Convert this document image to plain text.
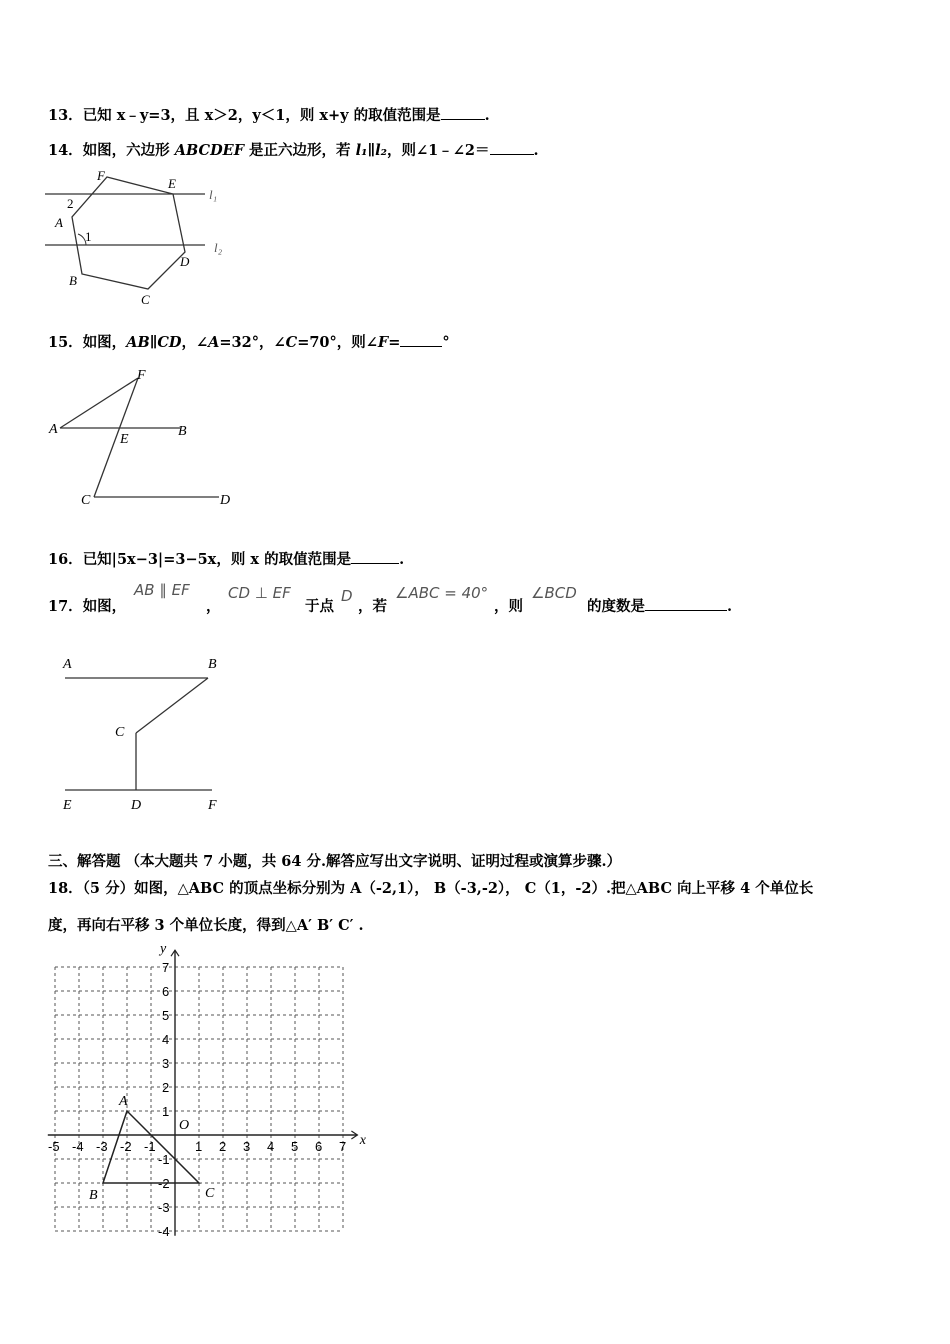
13．已知 x﹣y=3，且 x＞2，y＜1，则 x+y 的取值范围是	.
14．如图，六边形 ABCDEF 是正六边形，若 l₁∥l₂，则∠1﹣∠2＝	.
F
E
A
2
1
D
B
C
l₁
l₂
15．如图，AB∥CD，∠A=32°，∠C=70°，则∠F=	°
F
A
E
B
C	D
16．已知|5x−3|=3−5x，则 x 的取值范围是	.
17．如图，
AB ∥ EF
，
CD ⊥ EF
于点
D
，若
∠ABC = 40°
，则
∠BCD
的度数是	.
A	B
C
E	D	F
三、解答题 （本大题共 7 小题，共 64 分.解答应写出文字说明、证明过程或演算步骤.）
18．（5 分）如图，△ABC 的顶点坐标分别为 A（-2,1）， B（-3,-2）， C（1，-2）.把△ABC 向上平移 4 个单位长
度，再向右平移 3 个单位长度，得到△A′ B′ C′ .
x
y
O
-5 -4 -3 -2 -1	1 2 3 4 5 6 7
7
6
5
4
3
2
1
-1
-2
-3
-4
A
B	C
